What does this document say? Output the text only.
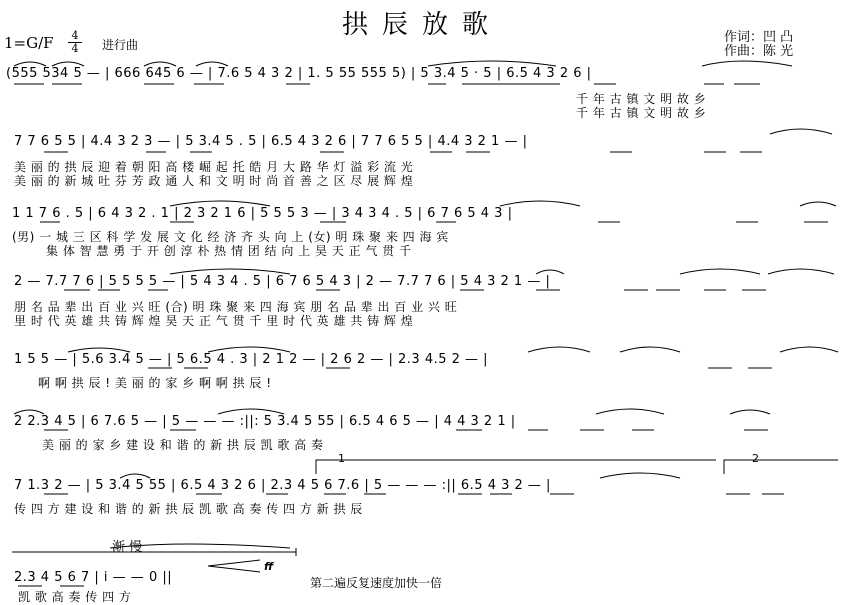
拱辰放歌
1=G/F	4
4 进行曲	作词：凹 凸
作曲：陈 光
(555 534 5 — | 666 645 6 — | 7.6 5 4 3 2 | 1. 5 55 555 5) | 5 3.4 5 · 5 | 6.5 4 3 2 6 |
千 年 古 镇 文 明 故 乡
千 年 古 镇 文 明 故 乡
7 7 6 5 5 | 4.4 3 2 3 — | 5 3.4 5 . 5 | 6.5 4 3 2 6 | 7 7 6 5 5 | 4.4 3 2 1 — |
美 丽 的 拱 辰 迎 着 朝 阳 高 楼 崛 起 托 皓 月 大 路 华 灯 溢 彩 流 光
美 丽 的 新 城 吐 芬 芳 政 通 人 和 文 明 时 尚 首 善 之 区 尽 展 辉 煌
1 1 7 6 . 5 | 6 4 3 2 . 1 | 2 3 2 1 6 | 5 5 5 3 — | 3 4 3 4 . 5 | 6 7 6 5 4 3 |
(男) 一 城 三 区 科 学 发 展 文 化 经 济 齐 头 向 上 (女) 明 珠 聚 来 四 海 宾
集 体 智 慧 勇 于 开 创 淳 朴 热 情 团 结 向 上 昊 天 正 气 贯 千
2 — 7.7 7 6 | 5 5 5 5 — | 5 4 3 4 . 5 | 6 7 6 5 4 3 | 2 — 7.7 7 6 | 5 4 3 2 1 — |
朋 名 品 辈 出 百 业 兴 旺 (合) 明 珠 聚 来 四 海 宾 朋 名 品 辈 出 百 业 兴 旺
里 时 代 英 雄 共 铸 辉 煌 昊 天 正 气 贯 千 里 时 代 英 雄 共 铸 辉 煌
1 5 5 — | 5.6 3.4 5 — | 5 6.5 4 . 3 | 2 1 2 — | 2 6 2 — | 2.3 4.5 2 — |
啊 啊 拱 辰 ! 美 丽 的 家 乡 啊 啊 拱 辰 !
2 2.3 4 5 | 6 7.6 5 — | 5 — — — :||: 5 3.4 5 55 | 6.5 4 6 5 — | 4 4 3 2 1 |
美 丽 的 家 乡 建 设 和 谐 的 新 拱 辰 凯 歌 高 奏
7 1.3 2 — | 5 3.4 5 55 | 6.5 4 3 2 6 | 2.3 4 5 6 7.6 | 5 — — — :|| 6.5 4 3 2 — |
传 四 方 建 设 和 谐 的 新 拱 辰 凯 歌 高 奏 传 四 方 新 拱 辰
2.3 4 5 6 7 | i — — 0 ||
凯 歌 高 奏 传 四 方
1	2
渐 慢
ff
第二遍反复速度加快一倍
